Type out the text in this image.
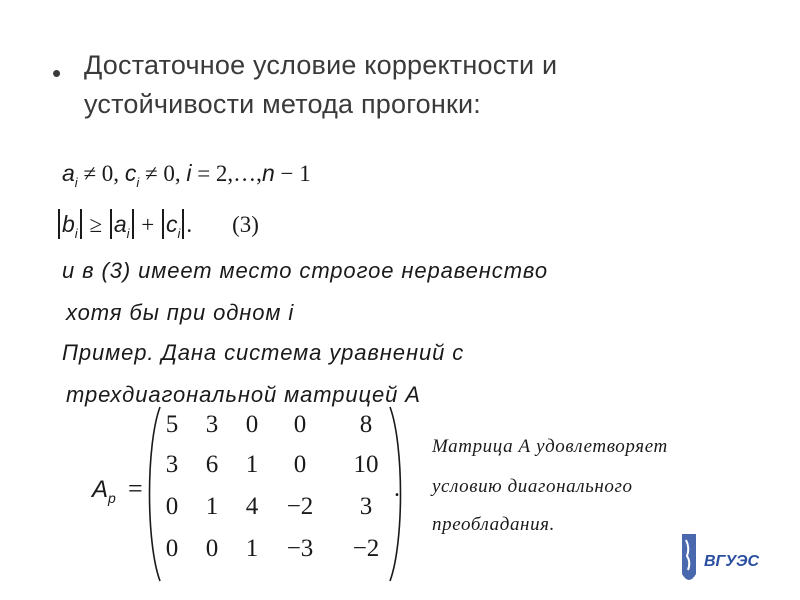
• Достаточное условие корректности и
устойчивости метода прогонки:
$a_i \ne 0$, $c_i \ne 0$, i = 2,…,n − 1
$b_i \ge a_i + c_i$ . (3)
и в (3) имеет место строгое неравенство
хотя бы при одном i
Пример. Дана система уравнений с
трехдиагональной матрицей А
$A_p$ =
5	3	0	0	8
3	6	1	0	10
0	1	4	−2	3
0	0	1	−3	−2
.
Матрица А удовлетворяет
условию диагонального
преобладания.
ВГУЭС
